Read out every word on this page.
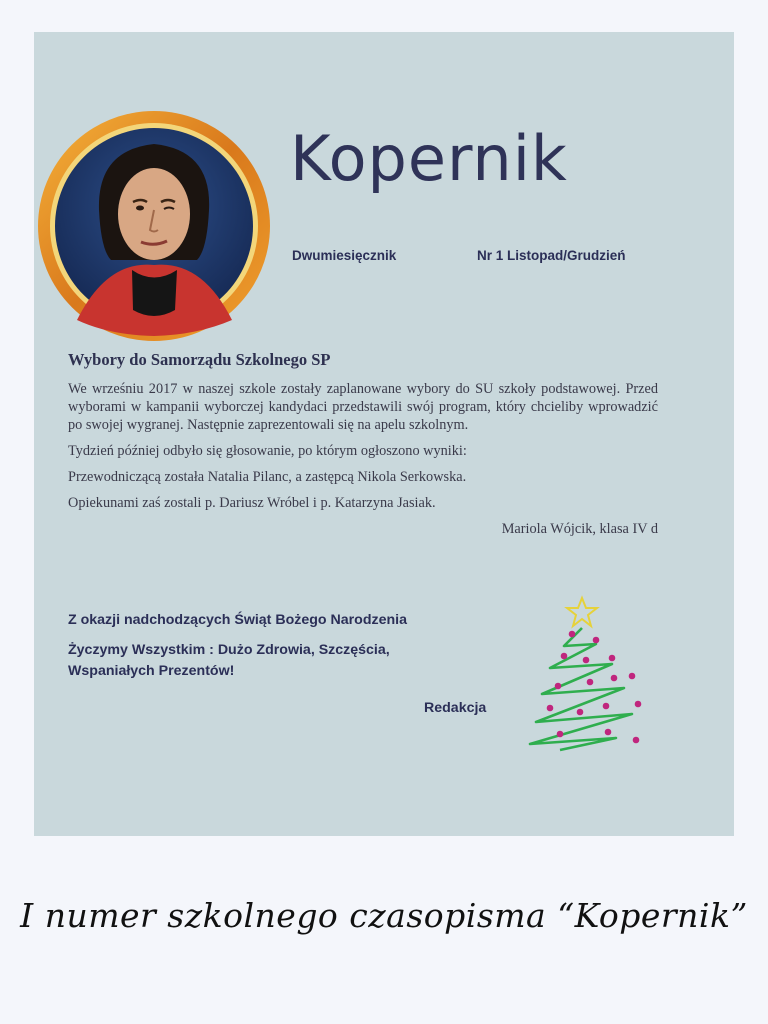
Kopernik
Dwumiesięcznik	Nr 1 Listopad/Grudzień
Wybory do Samorządu Szkolnego SP

We wrześniu 2017 w naszej szkole zostały zaplanowane wybory do SU szkoły podstawowej. Przed wyborami w kampanii wyborczej kandydaci przedstawili swój program, który chcieliby wprowadzić po swojej wygranej. Następnie zaprezentowali się na apelu szkolnym.

Tydzień później odbyło się głosowanie, po którym ogłoszono wyniki:

Przewodniczącą została Natalia Pilanc, a zastępcą Nikola Serkowska.

Opiekunami zaś zostali p. Dariusz Wróbel i p. Katarzyna Jasiak.

Mariola Wójcik, klasa IV d

Z okazji nadchodzących Świąt Bożego Narodzenia
Życzymy Wszystkim : Dużo Zdrowia, Szczęścia,
Wspaniałych Prezentów!
Redakcja
I numer szkolnego czasopisma “Kopernik”
